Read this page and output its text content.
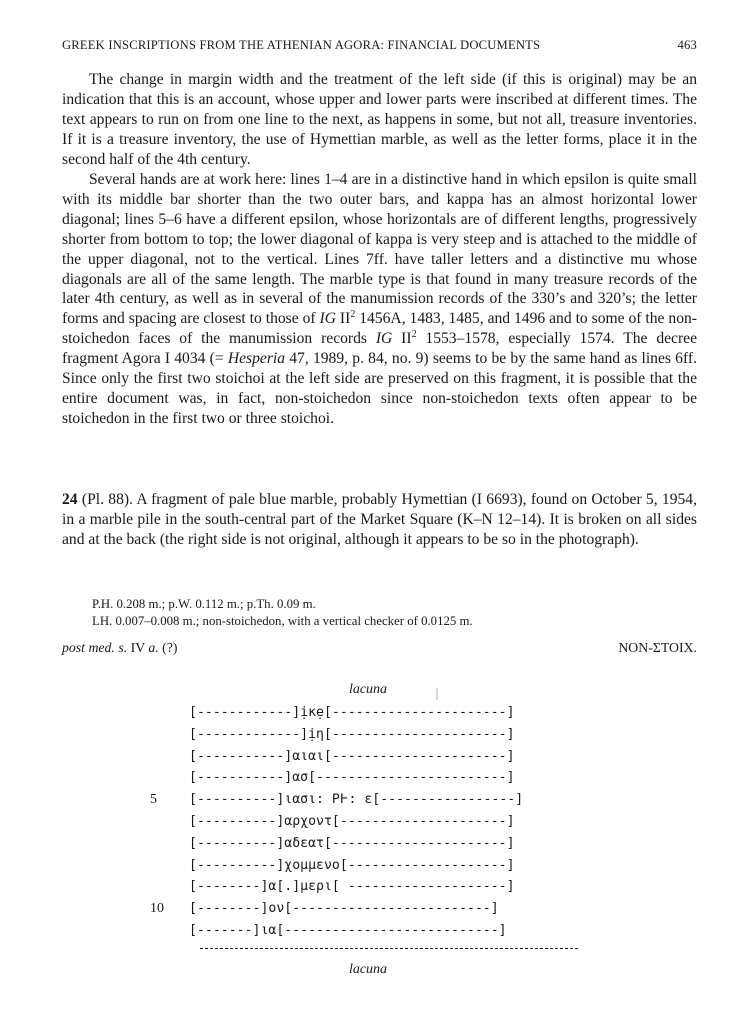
GREEK INSCRIPTIONS FROM THE ATHENIAN AGORA: FINANCIAL DOCUMENTS	463

The change in margin width and the treatment of the left side (if this is original) may be an indication that this is an account, whose upper and lower parts were inscribed at different times. The text appears to run on from one line to the next, as happens in some, but not all, treasure inventories. If it is a treasure inventory, the use of Hymettian marble, as well as the letter forms, place it in the second half of the 4th century.

Several hands are at work here: lines 1–4 are in a distinctive hand in which epsilon is quite small with its middle bar shorter than the two outer bars, and kappa has an almost horizontal lower diagonal; lines 5–6 have a different epsilon, whose horizontals are of different lengths, progressively shorter from bottom to top; the lower diagonal of kappa is very steep and is attached to the middle of the upper diagonal, not to the vertical. Lines 7ff. have taller letters and a distinctive mu whose diagonals are all of the same length. The marble type is that found in many treasure records of the later 4th century, as well as in several of the manumission records of the 330’s and 320’s; the letter forms and spacing are closest to those of IG $II^2$ 1456A, 1483, 1485, and 1496 and to some of the non-stoichedon faces of the manumission records IG $II^2$ 1553–1578, especially 1574. The decree fragment Agora I 4034 (= Hesperia 47, 1989, p. 84, no. 9) seems to be by the same hand as lines 6ff. Since only the first two stoichoi at the left side are preserved on this fragment, it is possible that the entire document was, in fact, non-stoichedon since non-stoichedon texts often appear to be stoichedon in the first two or three stoichoi.

24 (Pl. 88). A fragment of pale blue marble, probably Hymettian (I 6693), found on October 5, 1954, in a marble pile in the south-central part of the Market Square (K–N 12–14). It is broken on all sides and at the back (the right side is not original, although it appears to be so in the photograph).

P.H. 0.208 m.; p.W. 0.112 m.; p.Th. 0.09 m.

LH. 0.007–0.008 m.; non-stoichedon, with a vertical checker of 0.0125 m.

post med. s. IV a. (?)	NON-ΣΤΟΙΧ.
lacuna
[------------]ịκẹ[----------------------]
[-------------]ịη[----------------------]
[-----------]αιαι[----------------------]
[-----------]ασ[------------------------]
[----------]ιασι: ΡͰ: ε[-----------------]
5
[----------]αρχοντ[---------------------]
[----------]αδεατ[----------------------]
[----------]χομμενο[--------------------]
[--------]α[.]μερι[ --------------------]
[--------]ον[-------------------------]
10
[-------]ια[---------------------------]
lacuna
